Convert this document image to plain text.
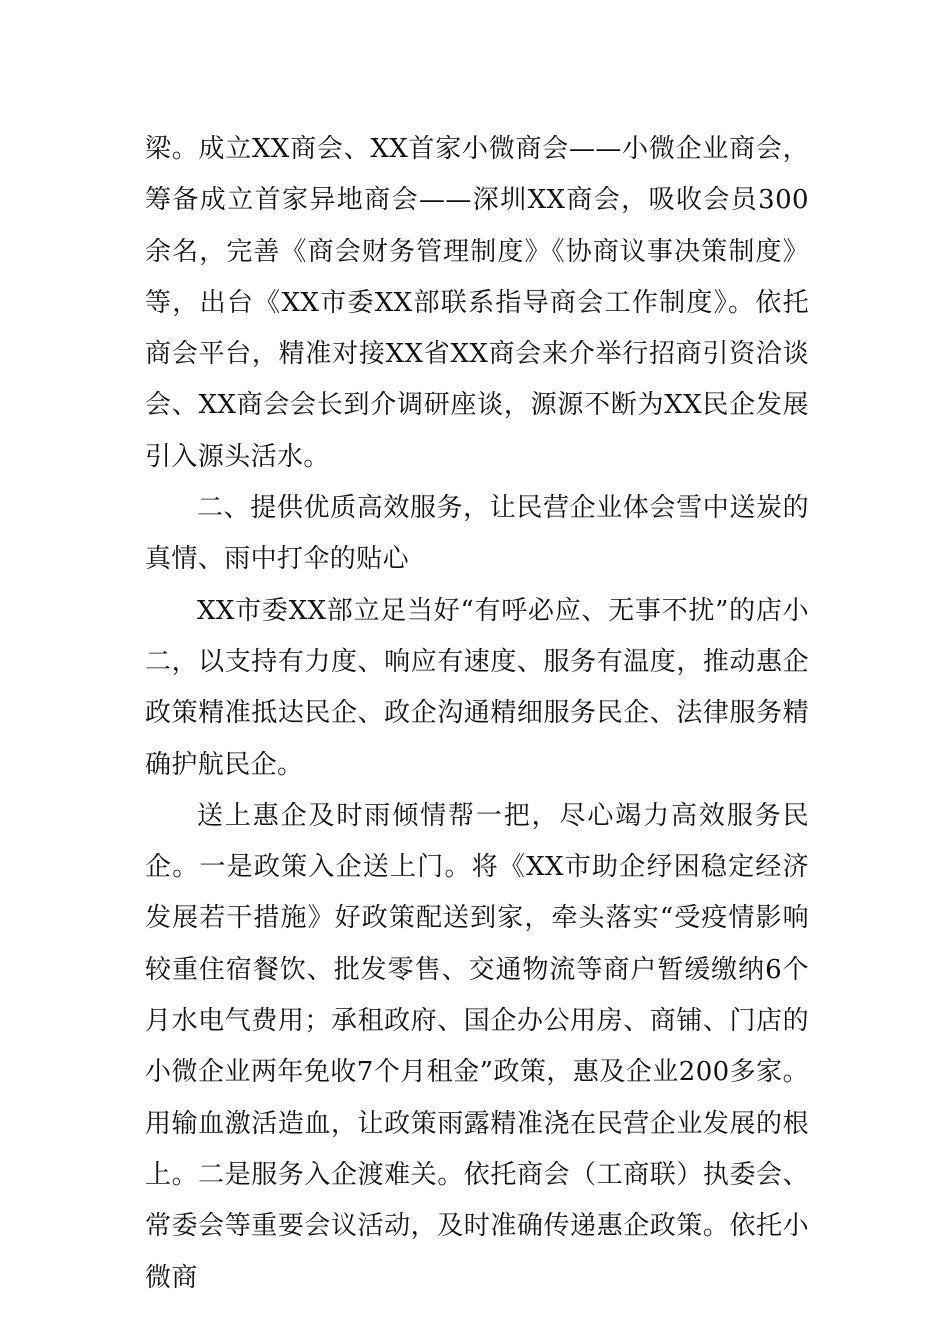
梁。成立XX商会、XX首家小微商会——小微企业商会，筹备成立首家异地商会——深圳XX商会，吸收会员300余名，完善《商会财务管理制度》《协商议事决策制度》等，出台《XX市委XX部联系指导商会工作制度》。依托商会平台，精准对接XX省XX商会来介举行招商引资洽谈会、XX商会会长到介调研座谈，源源不断为XX民企发展引入源头活水。

二、提供优质高效服务，让民营企业体会雪中送炭的真情、雨中打伞的贴心

XX市委XX部立足当好“有呼必应、无事不扰”的店小二，以支持有力度、响应有速度、服务有温度，推动惠企政策精准抵达民企、政企沟通精细服务民企、法律服务精确护航民企。

送上惠企及时雨倾情帮一把，尽心竭力高效服务民企。一是政策入企送上门。将《XX市助企纾困稳定经济发展若干措施》好政策配送到家，牵头落实“受疫情影响较重住宿餐饮、批发零售、交通物流等商户暂缓缴纳6个月水电气费用；承租政府、国企办公用房、商铺、门店的小微企业两年免收7个月租金”政策，惠及企业200多家。用输血激活造血，让政策雨露精准浇在民营企业发展的根上。二是服务入企渡难关。依托商会（工商联）执委会、常委会等重要会议活动，及时准确传递惠企政策。依托小微商
